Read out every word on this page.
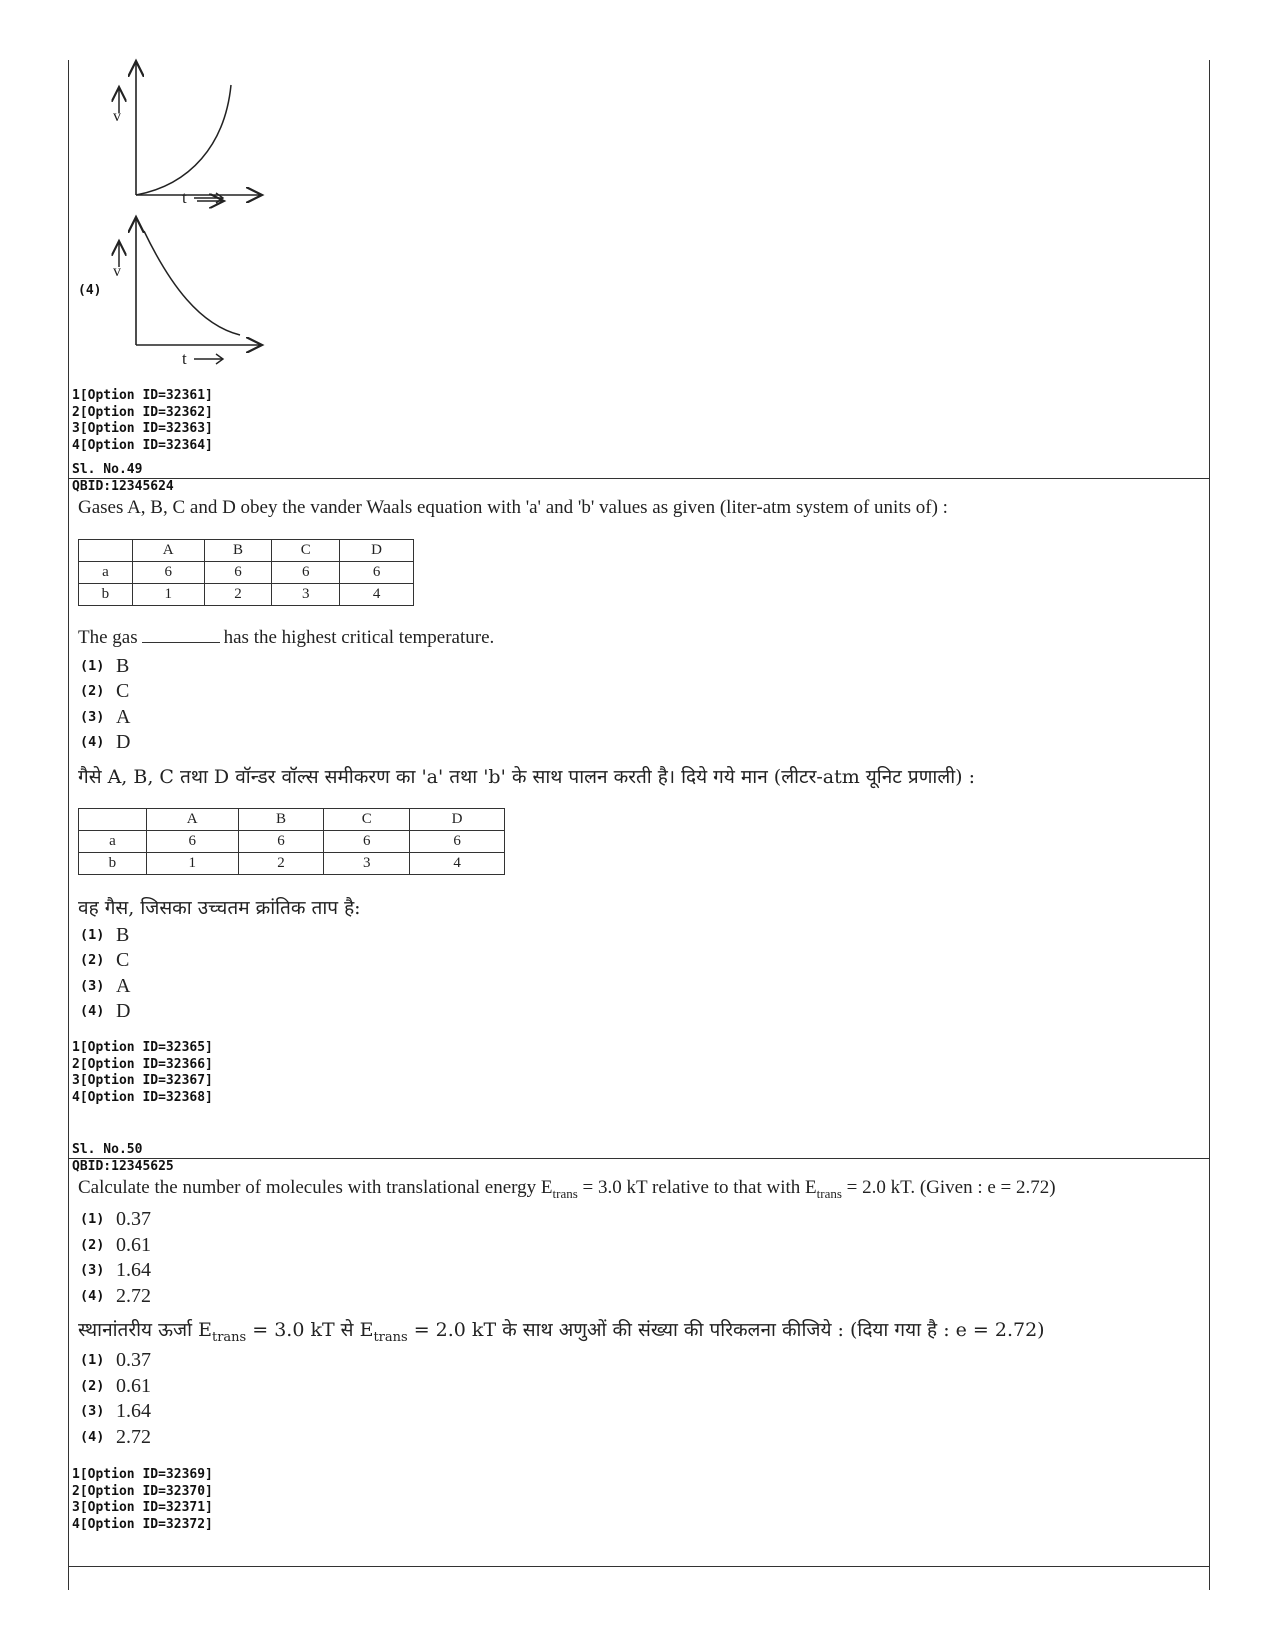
v
t
v
t
(4)
1[Option ID=32361]
2[Option ID=32362]
3[Option ID=32363]
4[Option ID=32364]
Sl. No.49
QBID:12345624
Gases A, B, C and D obey the vander Waals equation with 'a' and 'b' values as given (liter-atm system of units of) :
	A	B	C	D
a	6	6	6	6
b	1	2	3	4
The gas	has the highest critical temperature.
(1) B
(2) C
(3) A
(4) D
गैसे A, B, C तथा D वॉन्डर वॉल्स समीकरण का 'a' तथा 'b' के साथ पालन करती है। दिये गये मान (लीटर-atm यूनिट प्रणाली) :
	A	B	C	D
a	6	6	6	6
b	1	2	3	4
वह गैस, जिसका उच्चतम क्रांतिक ताप है:
(1) B
(2) C
(3) A
(4) D
1[Option ID=32365]
2[Option ID=32366]
3[Option ID=32367]
4[Option ID=32368]
Sl. No.50
QBID:12345625
Calculate the number of molecules with translational energy $E_{trans} = 3.0$ kT relative to that with $E_{trans} = 2.0$ kT. (Given : e = 2.72)
(1) 0.37
(2) 0.61
(3) 1.64
(4) 2.72
स्थानांतरीय ऊर्जा $E_{trans} = 3.0$ kT से $E_{trans} = 2.0$ kT के साथ अणुओं की संख्या की परिकलना कीजिये : (दिया गया है : e = 2.72)
(1) 0.37
(2) 0.61
(3) 1.64
(4) 2.72
1[Option ID=32369]
2[Option ID=32370]
3[Option ID=32371]
4[Option ID=32372]
